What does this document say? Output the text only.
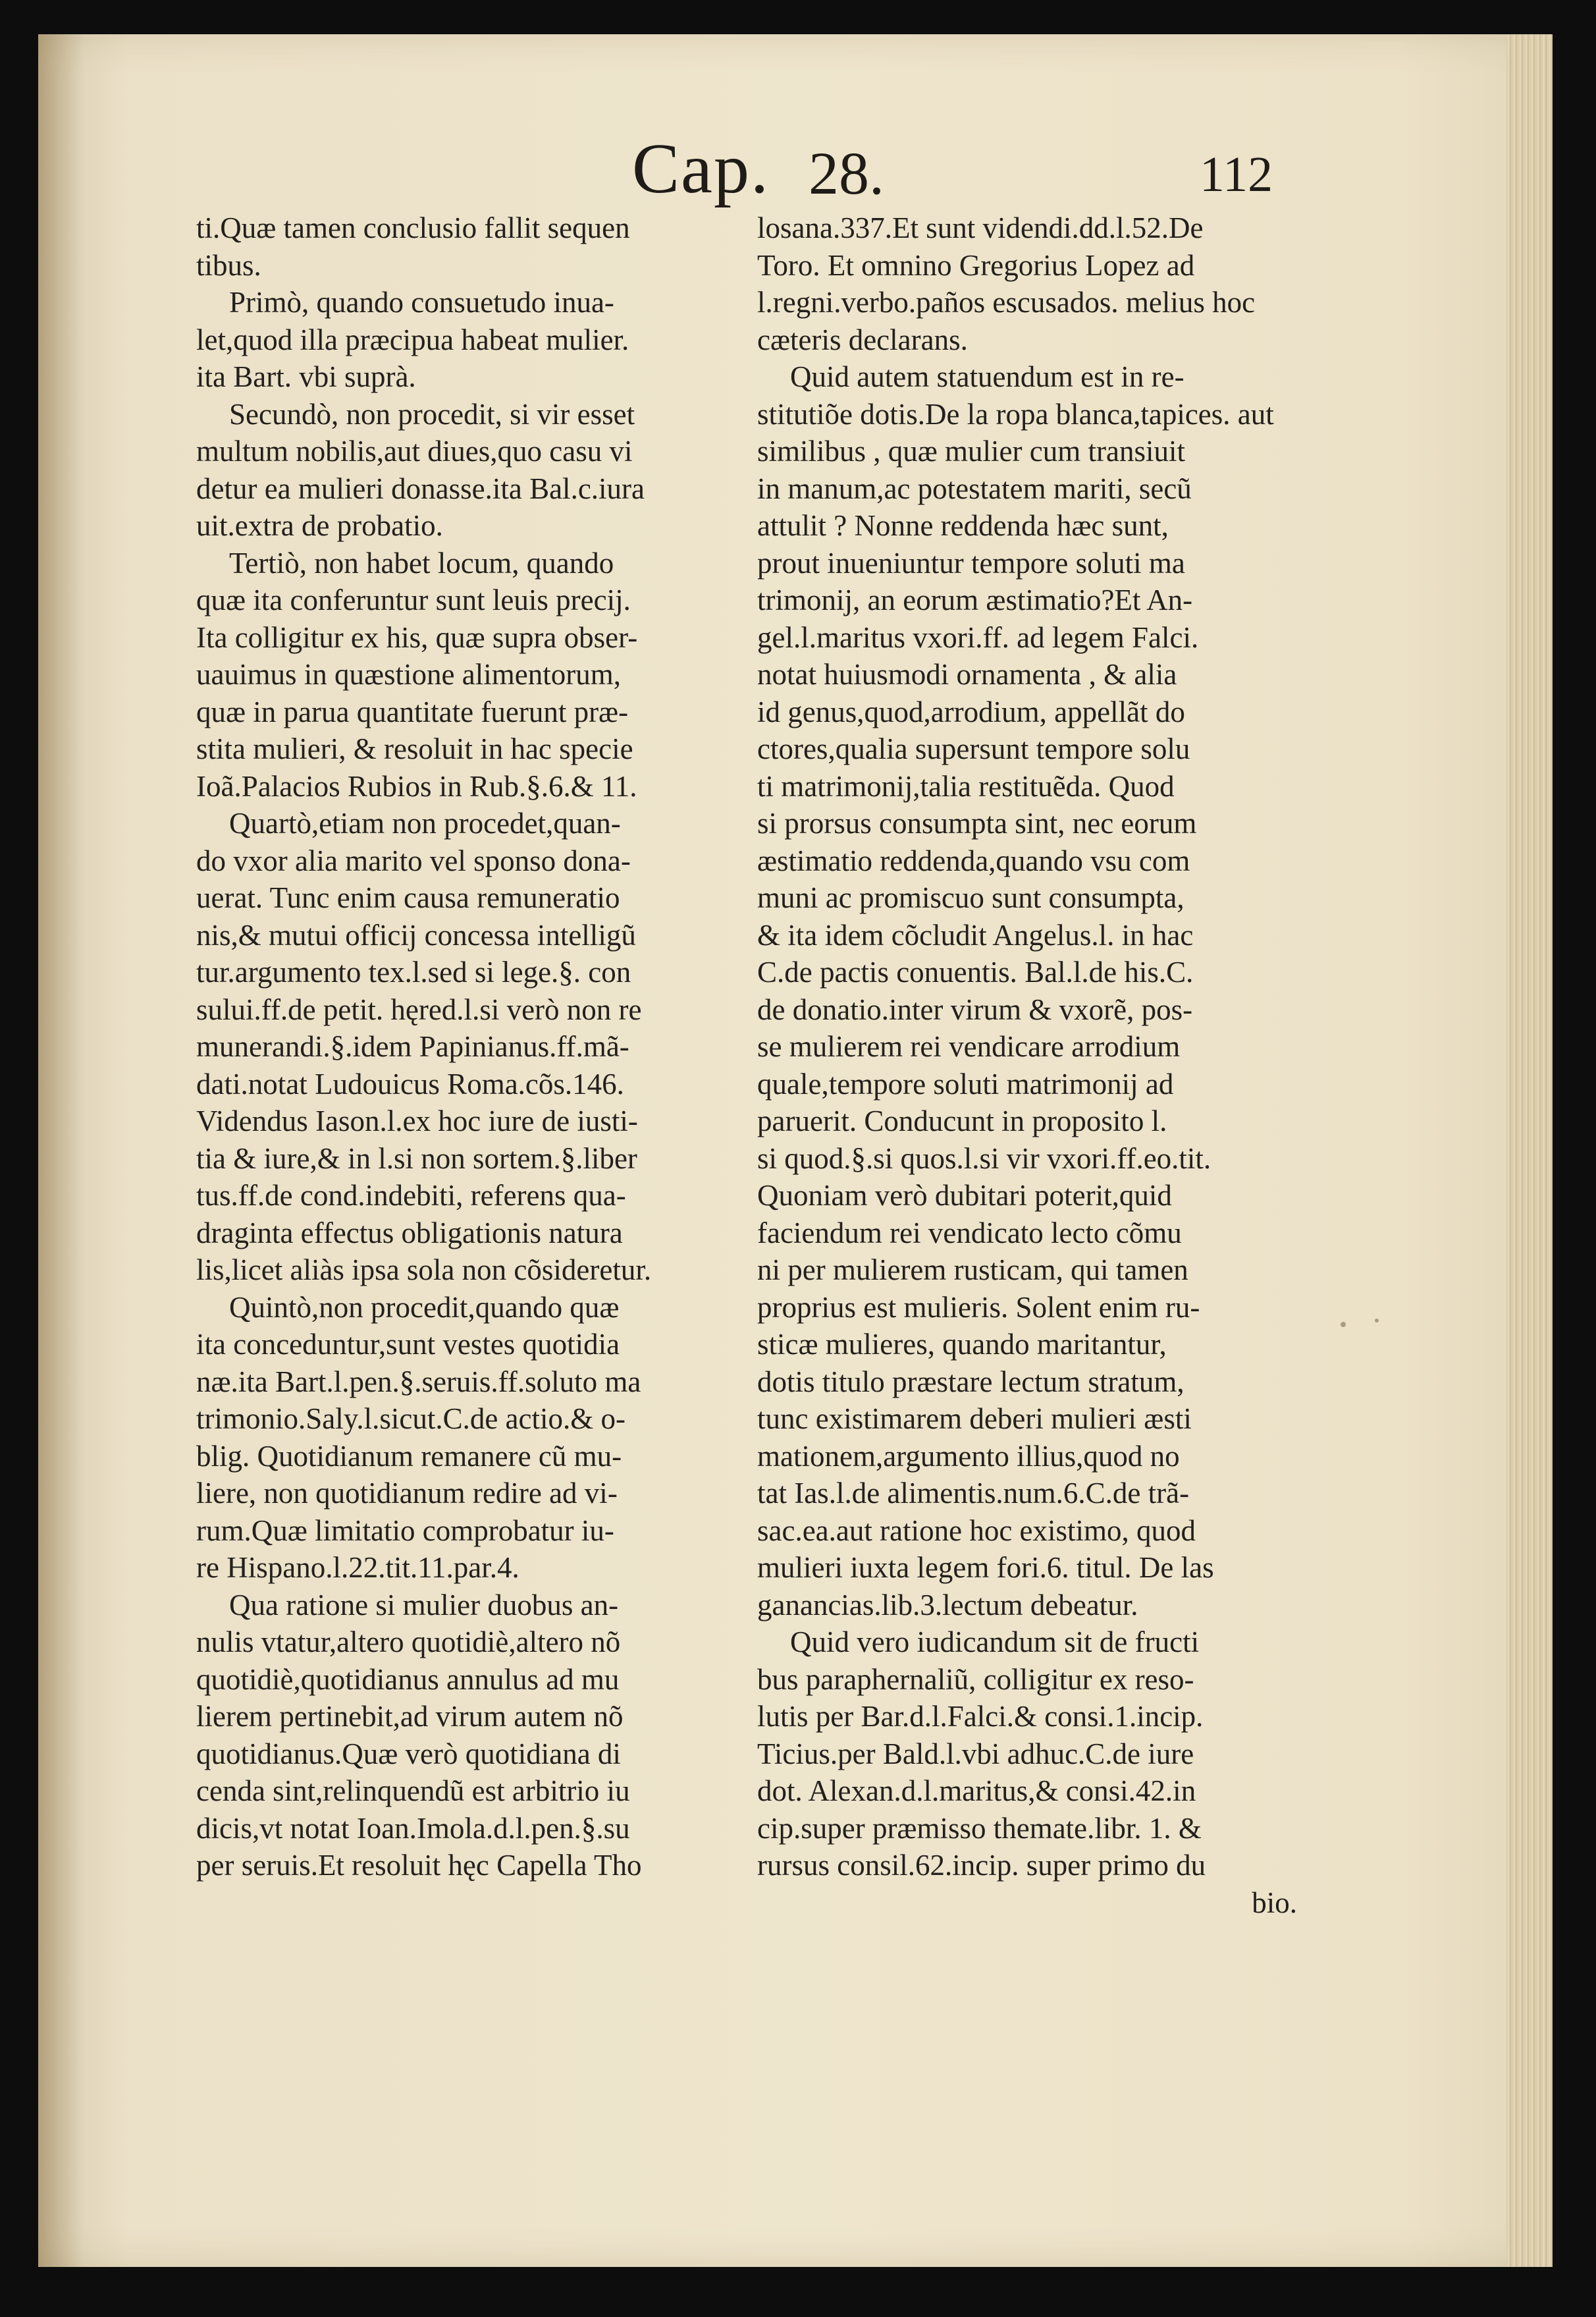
Cap. 28.	112
ti.Quæ tamen conclusio fallit sequen
tibus.
Primò, quando consuetudo inua-
let,quod illa præcipua habeat mulier.
ita Bart. vbi suprà.
Secundò, non procedit, si vir esset
multum nobilis,aut diues,quo casu vi
detur ea mulieri donasse.ita Bal.c.iura
uit.extra de probatio.
Tertiò, non habet locum, quando
quæ ita conferuntur sunt leuis precij.
Ita colligitur ex his, quæ supra obser-
uauimus in quæstione alimentorum,
quæ in parua quantitate fuerunt præ-
stita mulieri, & resoluit in hac specie
Ioã.Palacios Rubios in Rub.§.6.& 11.
Quartò,etiam non procedet,quan-
do vxor alia marito vel sponso dona-
uerat. Tunc enim causa remuneratio
nis,& mutui officij concessa intelligũ
tur.argumento tex.l.sed si lege.§. con
sului.ff.de petit. hęred.l.si verò non re
munerandi.§.idem Papinianus.ff.mã-
dati.notat Ludouicus Roma.cõs.146.
Videndus Iason.l.ex hoc iure de iusti-
tia & iure,& in l.si non sortem.§.liber
tus.ff.de cond.indebiti, referens qua-
draginta effectus obligationis natura
lis,licet aliàs ipsa sola non cõsideretur.
Quintò,non procedit,quando quæ
ita conceduntur,sunt vestes quotidia
næ.ita Bart.l.pen.§.seruis.ff.soluto ma
trimonio.Saly.l.sicut.C.de actio.& o-
blig. Quotidianum remanere cũ mu-
liere, non quotidianum redire ad vi-
rum.Quæ limitatio comprobatur iu-
re Hispano.l.22.tit.11.par.4.
Qua ratione si mulier duobus an-
nulis vtatur,altero quotidiè,altero nõ
quotidiè,quotidianus annulus ad mu
lierem pertinebit,ad virum autem nõ
quotidianus.Quæ verò quotidiana di
cenda sint,relinquendũ est arbitrio iu
dicis,vt notat Ioan.Imola.d.l.pen.§.su
per seruis.Et resoluit hęc Capella Tho
losana.337.Et sunt videndi.dd.l.52.De
Toro. Et omnino Gregorius Lopez ad
l.regni.verbo.paños escusados. melius hoc
cæteris declarans.
Quid autem statuendum est in re-
stitutiõe dotis.De la ropa blanca,tapices. aut
similibus , quæ mulier cum transiuit
in manum,ac potestatem mariti, secũ
attulit ? Nonne reddenda hæc sunt,
prout inueniuntur tempore soluti ma
trimonij, an eorum æstimatio?Et An-
gel.l.maritus vxori.ff. ad legem Falci.
notat huiusmodi ornamenta , & alia
id genus,quod,arrodium, appellãt do
ctores,qualia supersunt tempore solu
ti matrimonij,talia restituẽda. Quod
si prorsus consumpta sint, nec eorum
æstimatio reddenda,quando vsu com
muni ac promiscuo sunt consumpta,
& ita idem cõcludit Angelus.l. in hac
C.de pactis conuentis. Bal.l.de his.C.
de donatio.inter virum & vxorẽ, pos-
se mulierem rei vendicare arrodium
quale,tempore soluti matrimonij ad
paruerit. Conducunt in proposito l.
si quod.§.si quos.l.si vir vxori.ff.eo.tit.
Quoniam verò dubitari poterit,quid
faciendum rei vendicato lecto cõmu
ni per mulierem rusticam, qui tamen
proprius est mulieris. Solent enim ru-
sticæ mulieres, quando maritantur,
dotis titulo præstare lectum stratum,
tunc existimarem deberi mulieri æsti
mationem,argumento illius,quod no
tat Ias.l.de alimentis.num.6.C.de trã-
sac.ea.aut ratione hoc existimo, quod
mulieri iuxta legem fori.6. titul. De las
ganancias.lib.3.lectum debeatur.
Quid vero iudicandum sit de fructi
bus paraphernaliũ, colligitur ex reso-
lutis per Bar.d.l.Falci.& consi.1.incip.
Ticius.per Bald.l.vbi adhuc.C.de iure
dot. Alexan.d.l.maritus,& consi.42.in
cip.super præmisso themate.libr. 1. &
rursus consil.62.incip. super primo du
bio.
